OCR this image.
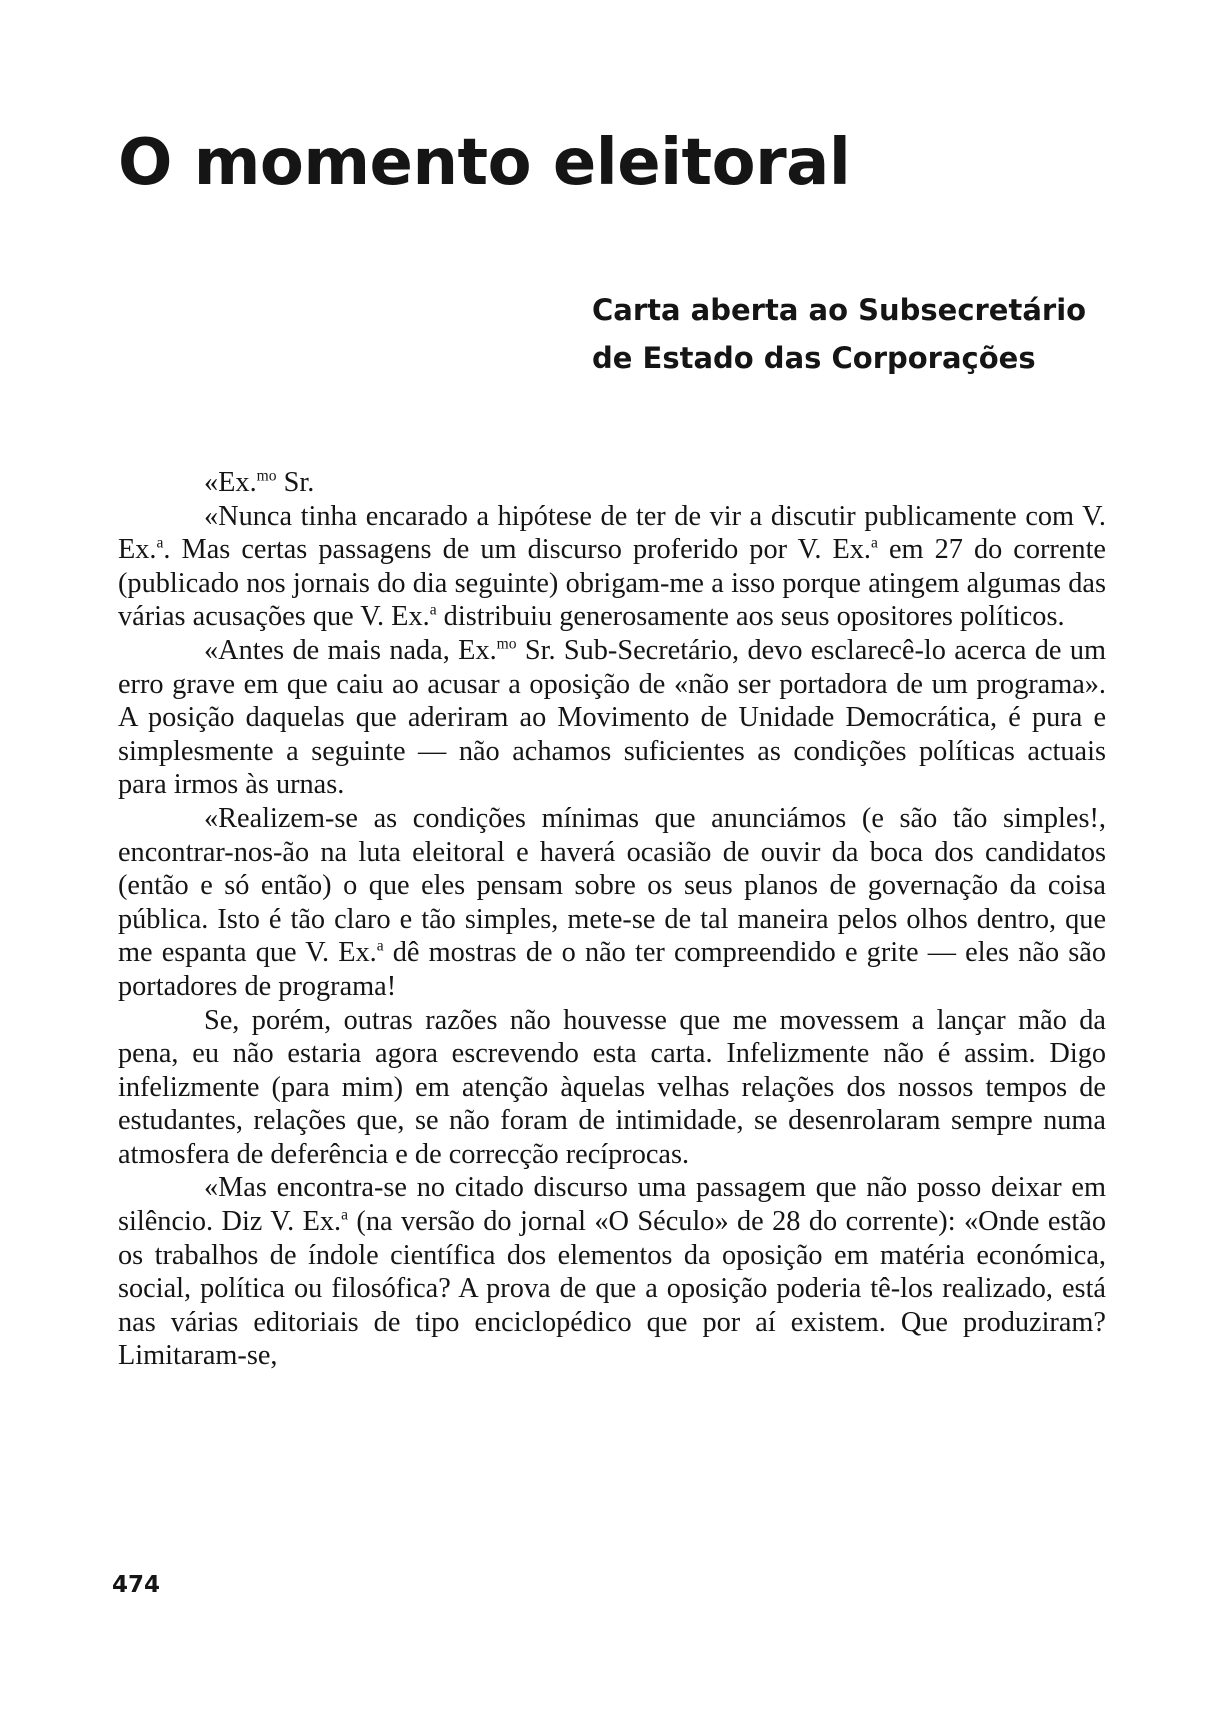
O momento eleitoral
Carta aberta ao Subsecretário
de Estado das Corporações

«Ex.$^{mo}$ Sr.

«Nunca tinha encarado a hipótese de ter de vir a discutir publicamente com V. Ex.$^a$. Mas certas passagens de um discurso proferido por V. Ex.$^a$ em 27 do corrente (publicado nos jornais do dia seguinte) obrigam-me a isso porque atingem algumas das várias acusações que V. Ex.$^a$ distribuiu generosamente aos seus opositores políticos.

«Antes de mais nada, Ex.$^{mo}$ Sr. Sub-Secretário, devo esclarecê-lo acerca de um erro grave em que caiu ao acusar a oposição de «não ser portadora de um programa». A posição daquelas que aderiram ao Movimento de Unidade Democrática, é pura e simplesmente a seguinte — não achamos suficientes as condições políticas actuais para irmos às urnas.

«Realizem-se as condições mínimas que anunciámos (e são tão simples!, encontrar-nos-ão na luta eleitoral e haverá ocasião de ouvir da boca dos candidatos (então e só então) o que eles pensam sobre os seus planos de governação da coisa pública. Isto é tão claro e tão simples, mete-se de tal maneira pelos olhos dentro, que me espanta que V. Ex.$^a$ dê mostras de o não ter compreendido e grite — eles não são portadores de programa!

Se, porém, outras razões não houvesse que me movessem a lançar mão da pena, eu não estaria agora escrevendo esta carta. Infelizmente não é assim. Digo infelizmente (para mim) em atenção àquelas velhas relações dos nossos tempos de estudantes, relações que, se não foram de intimidade, se desenrolaram sempre numa atmosfera de deferência e de correcção recíprocas.

«Mas encontra-se no citado discurso uma passagem que não posso deixar em silêncio. Diz V. Ex.$^a$ (na versão do jornal «O Século» de 28 do corrente): «Onde estão os trabalhos de índole científica dos elementos da oposição em matéria económica, social, política ou filosófica? A prova de que a oposição poderia tê-los realizado, está nas várias editoriais de tipo enciclopédico que por aí existem. Que produziram? Limitaram-se,

474
